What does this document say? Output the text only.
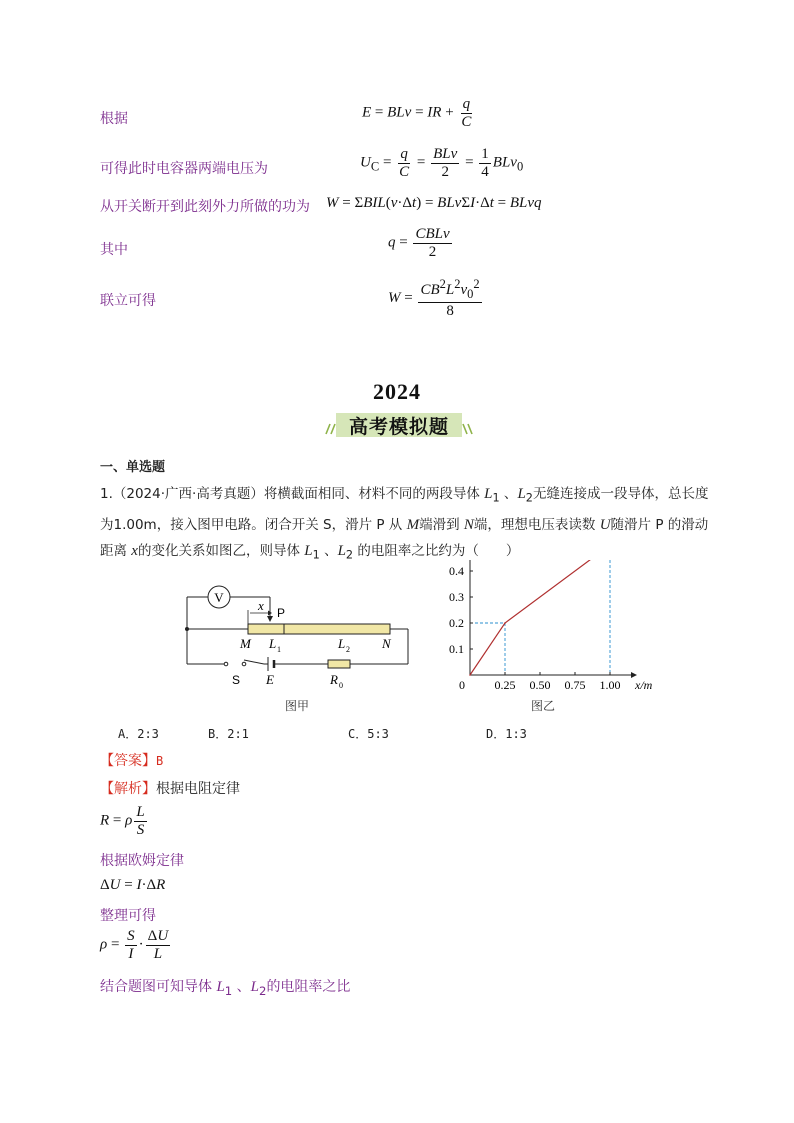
根据	E = BLv = IR + $\frac{q}{C}$
可得此时电容器两端电压为	$U_C = \frac{q}{C} = \frac{\text{BLv}}{2} = \frac{1}{4} BLv_0$
从开关断开到此刻外力所做的功为 W = ΣBIL(v·Δt) = BLvΣI·Δt = BLvq
其中	$q = \frac{\text{CBLv}}{2}$
联立可得	$W = \frac{CB^2L^2v_0^2}{8}$
2024
高考模拟题
一、单选题
1.（2024·广西·高考真题）将横截面相同、材料不同的两段导体 $L_1$ 、$L_2$无缝连接成一段导体，总长度为1.00m，接入图甲电路。闭合开关 S，滑片 P 从 M端滑到 N端，理想电压表读数 U随滑片 P 的滑动距离 x的变化关系如图乙，则导体 $L_1$ 、$L_2$ 的电阻率之比约为（　　）
V
x P
M	N
L 1	L 2
S E	R 0
图甲
0.25 0.50 0.75 1.00
0.1
0.2
0.3
0.4
0	x/m
图乙
A．2:3	B．2:1	C．5:3	D．1:3
【答案】B
【解析】根据电阻定律
R = ρ $\frac{L}{S}$
根据欧姆定律
ΔU = I·ΔR
整理可得
$\rho = \frac{S}{I} \cdot \frac{\Delta U}{L}$
结合题图可知导体 $L_1$ 、$L_2$的电阻率之比
